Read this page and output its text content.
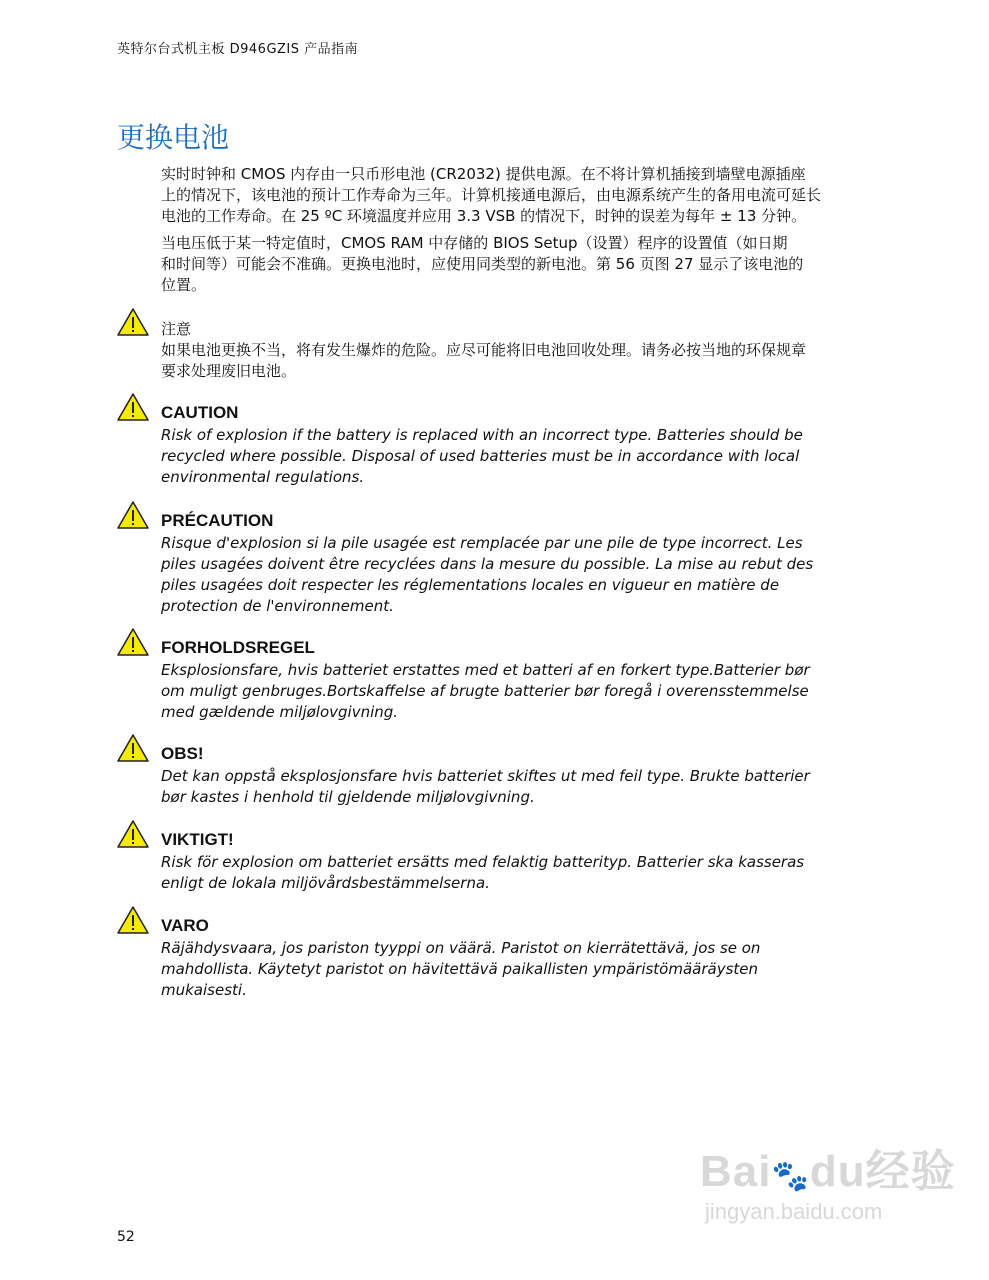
英特尔台式机主板 D946GZIS 产品指南
更换电池
实时时钟和 CMOS 内存由一只币形电池 (CR2032) 提供电源。在不将计算机插接到墙壁电源插座
上的情况下，该电池的预计工作寿命为三年。计算机接通电源后，由电源系统产生的备用电流可延长
电池的工作寿命。在 25 ºC 环境温度并应用 3.3 VSB 的情况下，时钟的误差为每年 ± 13 分钟。
当电压低于某一特定值时，CMOS RAM 中存储的 BIOS Setup（设置）程序的设置值（如日期
和时间等）可能会不准确。更换电池时，应使用同类型的新电池。第 56 页图 27 显示了该电池的
位置。
注意
如果电池更换不当，将有发生爆炸的危险。应尽可能将旧电池回收处理。请务必按当地的环保规章
要求处理废旧电池。
CAUTION
Risk of explosion if the battery is replaced with an incorrect type. Batteries should be
recycled where possible. Disposal of used batteries must be in accordance with local
environmental regulations.
PRÉCAUTION
Risque d'explosion si la pile usagée est remplacée par une pile de type incorrect. Les
piles usagées doivent être recyclées dans la mesure du possible. La mise au rebut des
piles usagées doit respecter les réglementations locales en vigueur en matière de
protection de l'environnement.
FORHOLDSREGEL
Eksplosionsfare, hvis batteriet erstattes med et batteri af en forkert type.Batterier bør
om muligt genbruges.Bortskaffelse af brugte batterier bør foregå i overensstemmelse
med gældende miljølovgivning.
OBS!
Det kan oppstå eksplosjonsfare hvis batteriet skiftes ut med feil type. Brukte batterier
bør kastes i henhold til gjeldende miljølovgivning.
VIKTIGT!
Risk för explosion om batteriet ersätts med felaktig batterityp. Batterier ska kasseras
enligt de lokala miljövårdsbestämmelserna.
VARO
Räjähdysvaara, jos pariston tyyppi on väärä. Paristot on kierrätettävä, jos se on
mahdollista. Käytetyt paristot on hävitettävä paikallisten ympäristömääräysten
mukaisesti.
52
Bai🐾du经验
jingyan.baidu.com
